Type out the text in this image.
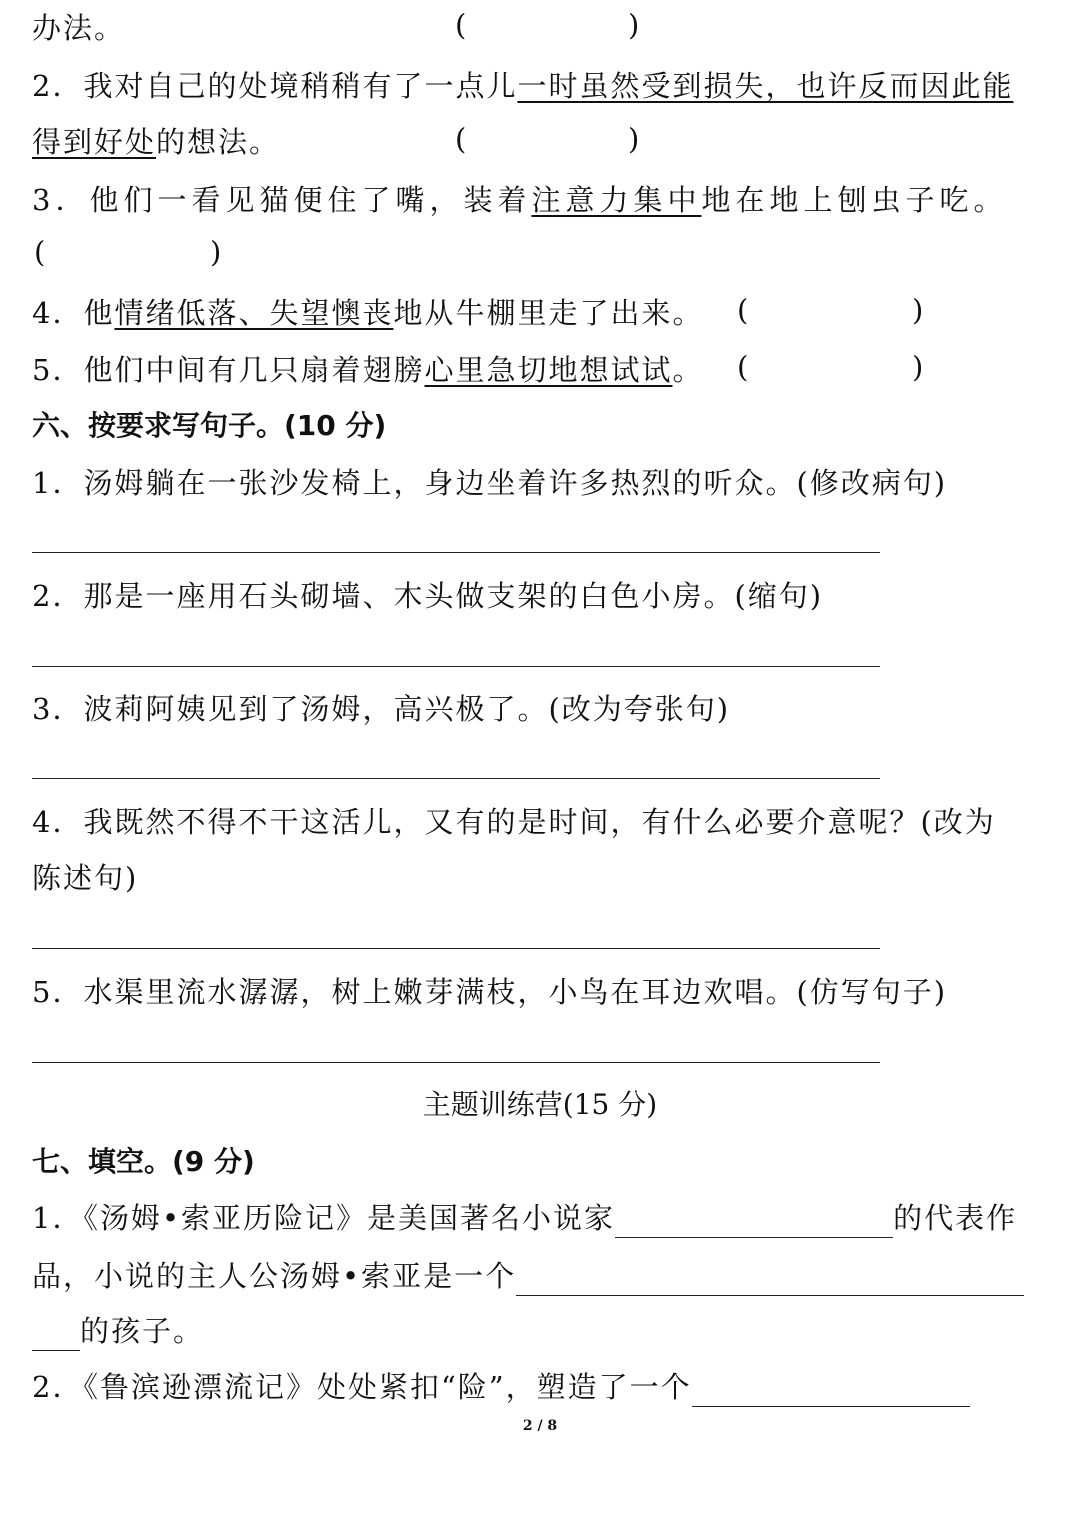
办法。	(	)
2．我对自己的处境稍稍有了一点儿一时虽然受到损失，也许反而因此能
得到好处的想法。	(	)
3．他们一看见猫便住了嘴，装着注意力集中地在地上刨虫子吃。
(	)
4．他情绪低落、失望懊丧地从牛棚里走了出来。 (	)
5．他们中间有几只扇着翅膀心里急切地想试试。 (	)
六、按要求写句子。(10 分)
1．汤姆躺在一张沙发椅上，身边坐着许多热烈的听众。(修改病句)
2．那是一座用石头砌墙、木头做支架的白色小房。(缩句)
3．波莉阿姨见到了汤姆，高兴极了。(改为夸张句)
4．我既然不得不干这活儿，又有的是时间，有什么必要介意呢？(改为
陈述句)
5．水渠里流水潺潺，树上嫩芽满枝，小鸟在耳边欢唱。(仿写句子)
主题训练营(15 分)
七、填空。(9 分)
1．《汤姆•索亚历险记》是美国著名小说家	的代表作
品，小说的主人公汤姆•索亚是一个
的孩子。
2．《鲁滨逊漂流记》处处紧扣“险”，塑造了一个
2 / 8
